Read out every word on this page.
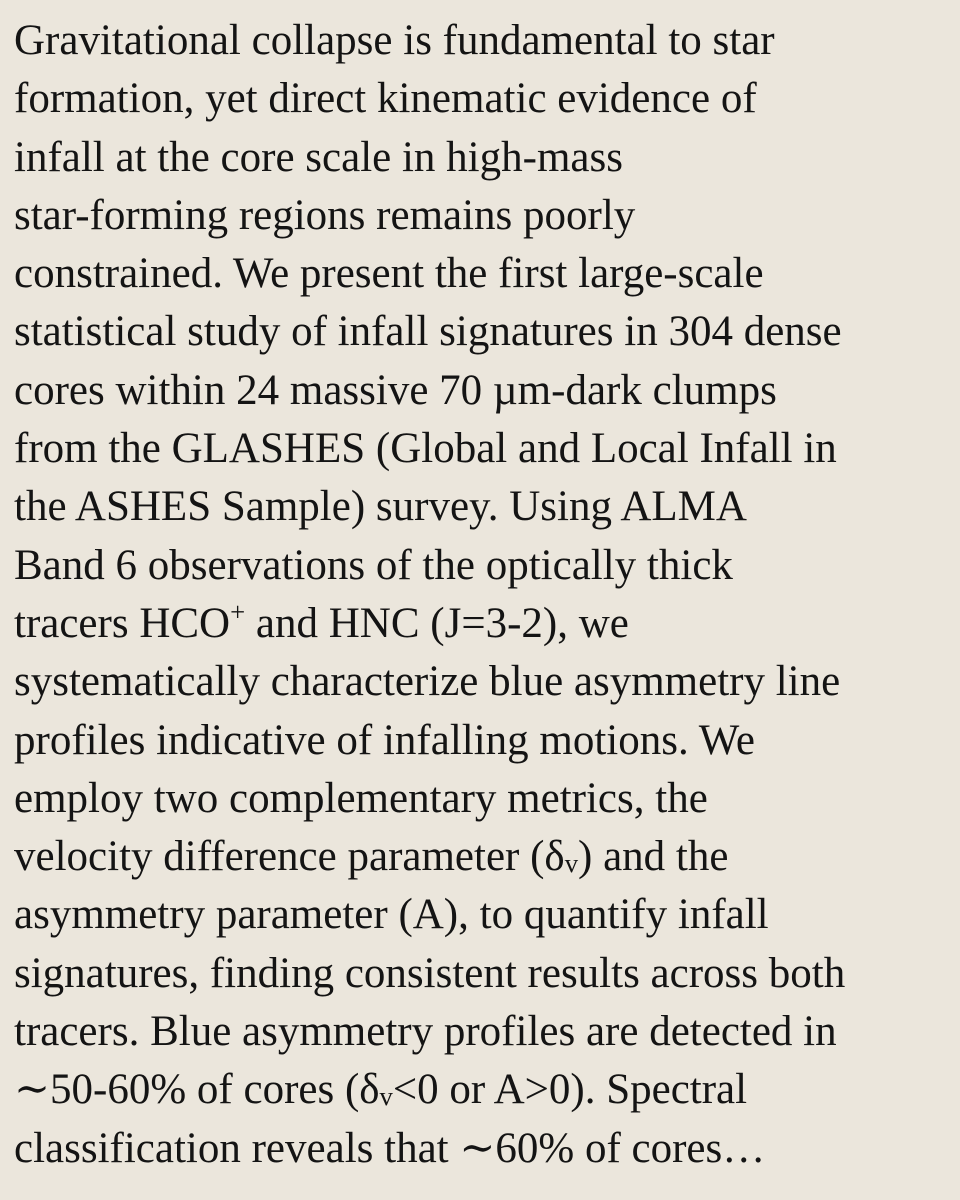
Gravitational collapse is fundamental to star
formation, yet direct kinematic evidence of
infall at the core scale in high-mass
star-forming regions remains poorly
constrained. We present the first large-scale
statistical study of infall signatures in 304 dense
cores within 24 massive 70 µm-dark clumps
from the GLASHES (Global and Local Infall in
the ASHES Sample) survey. Using ALMA
Band 6 observations of the optically thick
tracers HCO+ and HNC (J=3-2), we
systematically characterize blue asymmetry line
profiles indicative of infalling motions. We
employ two complementary metrics, the
velocity difference parameter $(\delta_v)$ and the
asymmetry parameter (A), to quantify infall
signatures, finding consistent results across both
tracers. Blue asymmetry profiles are detected in
∼50-60% of cores ($\delta_v<0$ or A>0). Spectral
classification reveals that ∼60% of cores…
